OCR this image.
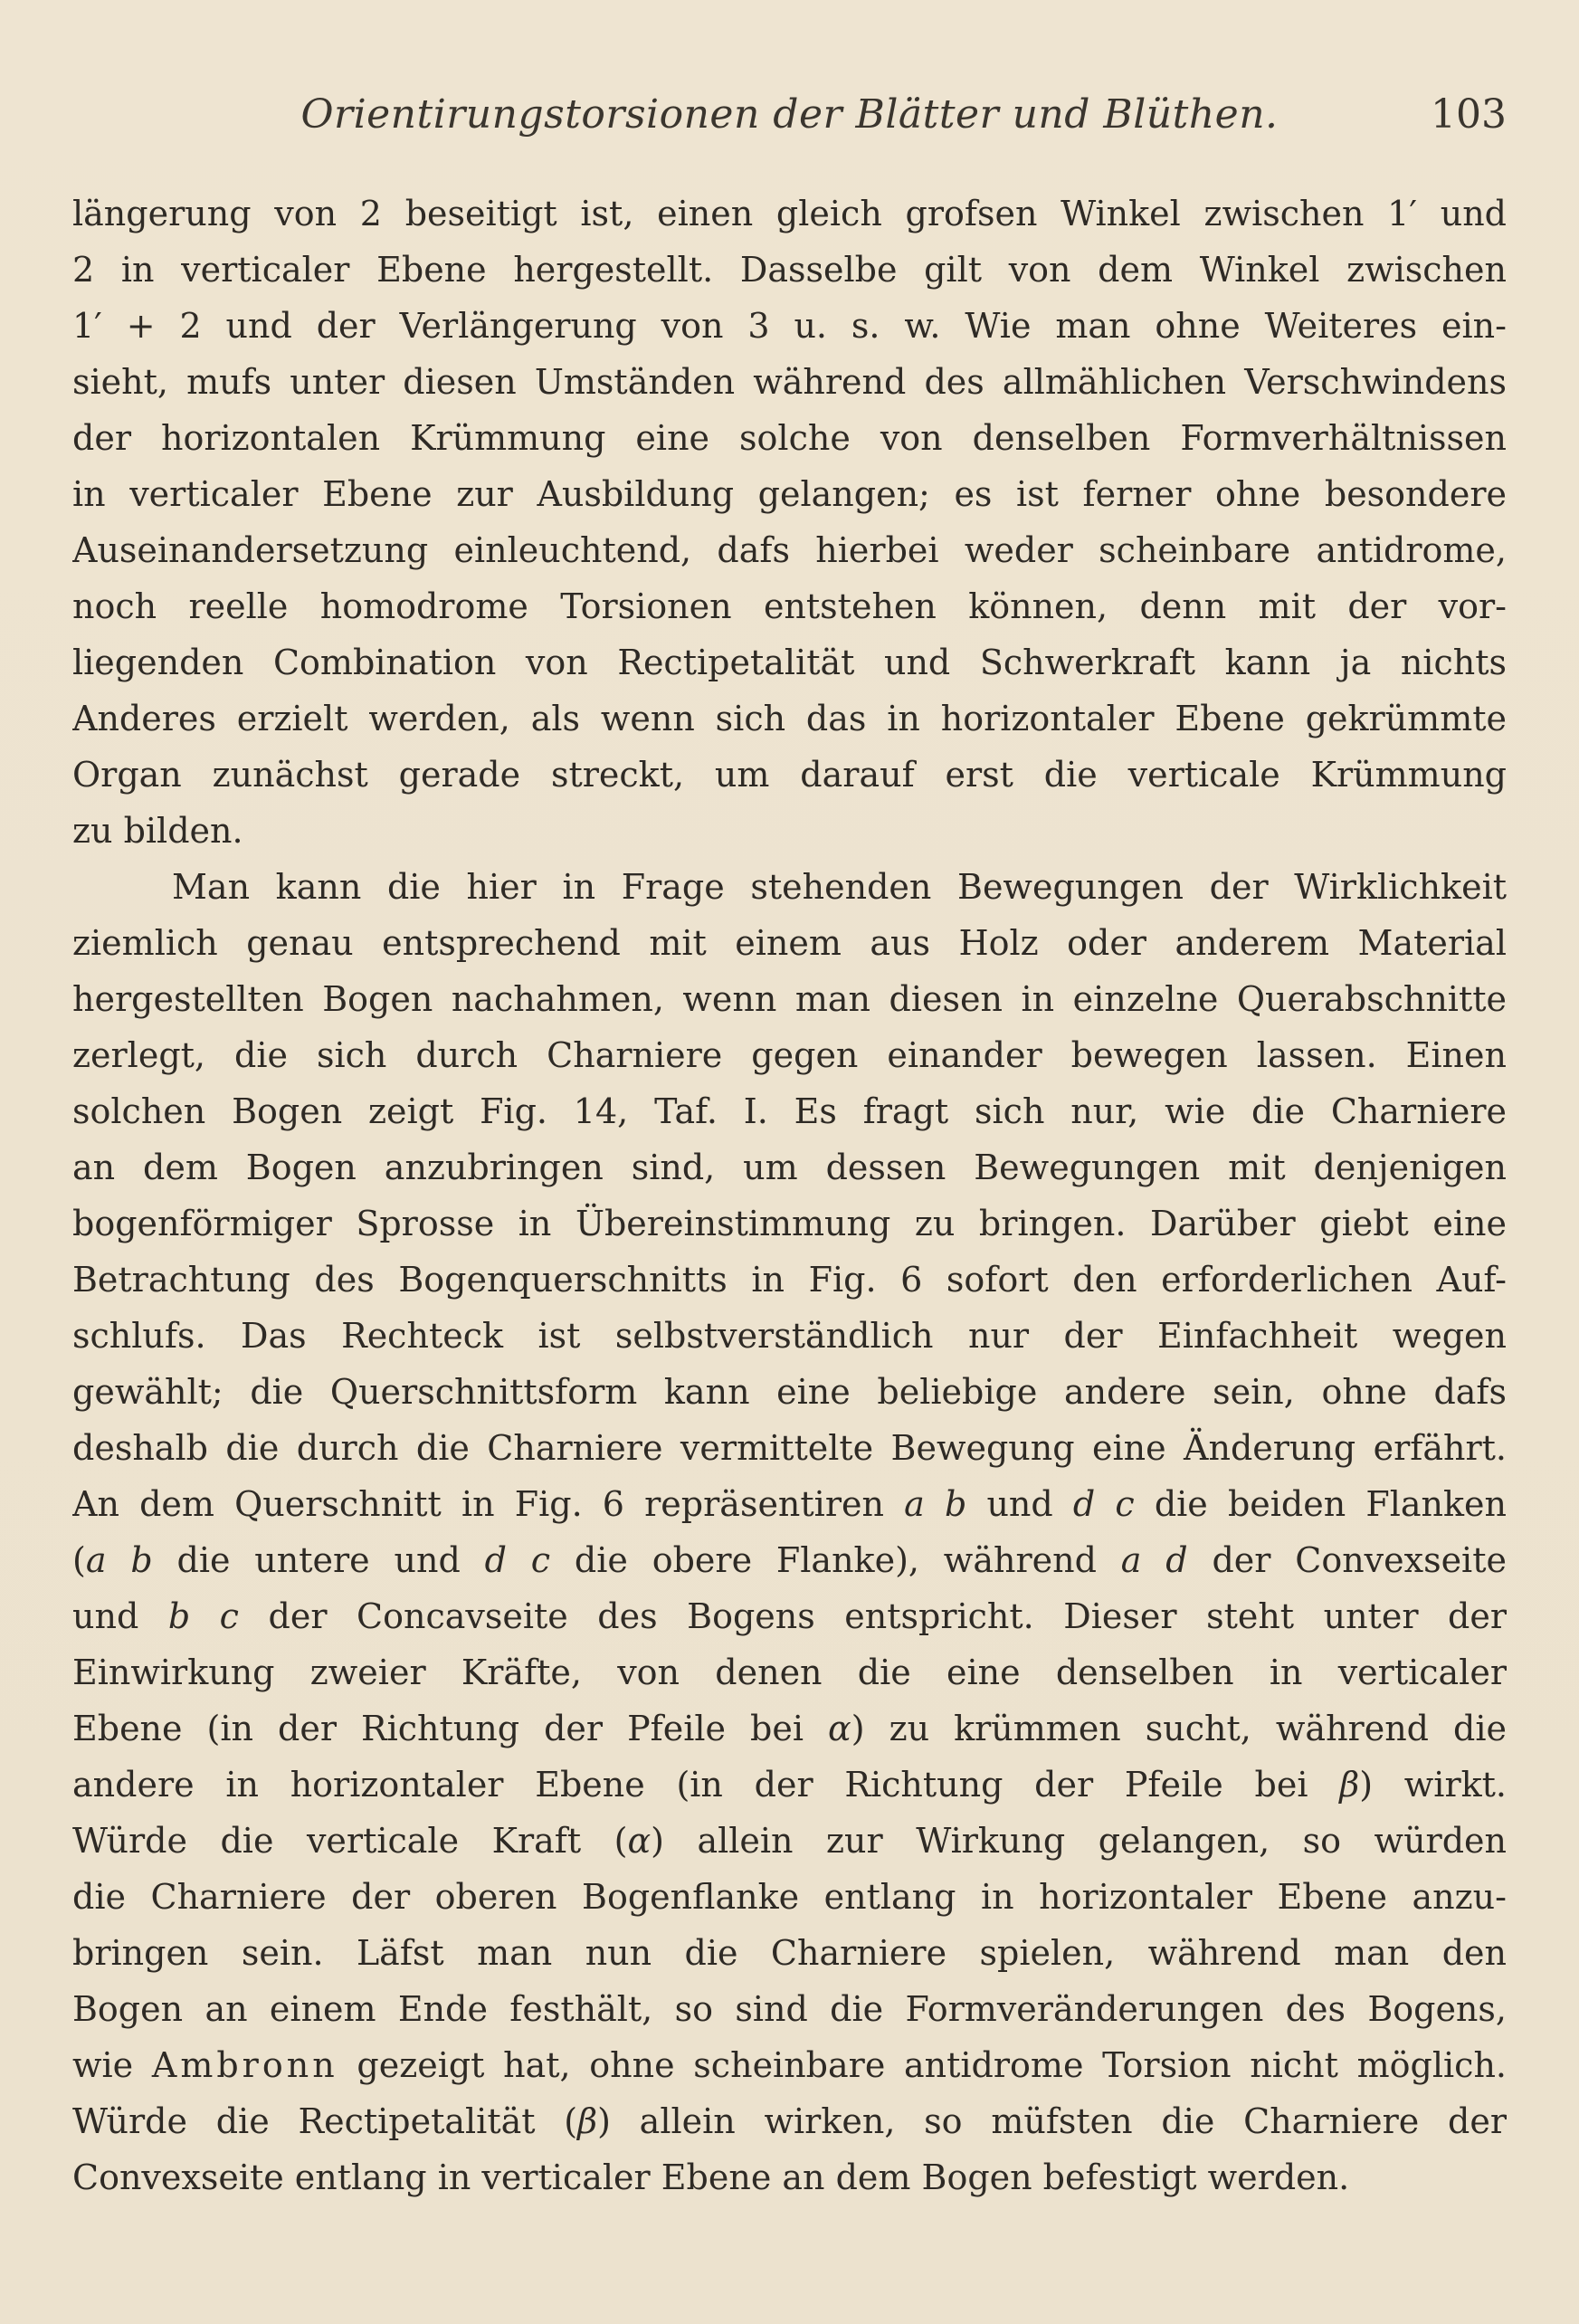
Orientirungstorsionen der Blätter und Blüthen.	103
längerung von 2 beseitigt ist, einen gleich grofsen Winkel zwischen 1′ und
2 in verticaler Ebene hergestellt. Dasselbe gilt von dem Winkel zwischen
1′ + 2 und der Verlängerung von 3 u. s. w. Wie man ohne Weiteres ein-
sieht, mufs unter diesen Umständen während des allmählichen Verschwindens
der horizontalen Krümmung eine solche von denselben Formverhältnissen
in verticaler Ebene zur Ausbildung gelangen; es ist ferner ohne besondere
Auseinandersetzung einleuchtend, dafs hierbei weder scheinbare antidrome,
noch reelle homodrome Torsionen entstehen können, denn mit der vor-
liegenden Combination von Rectipetalität und Schwerkraft kann ja nichts
Anderes erzielt werden, als wenn sich das in horizontaler Ebene gekrümmte
Organ zunächst gerade streckt, um darauf erst die verticale Krümmung
zu bilden.
Man kann die hier in Frage stehenden Bewegungen der Wirklichkeit
ziemlich genau entsprechend mit einem aus Holz oder anderem Material
hergestellten Bogen nachahmen, wenn man diesen in einzelne Querabschnitte
zerlegt, die sich durch Charniere gegen einander bewegen lassen. Einen
solchen Bogen zeigt Fig. 14, Taf. I. Es fragt sich nur, wie die Charniere
an dem Bogen anzubringen sind, um dessen Bewegungen mit denjenigen
bogenförmiger Sprosse in Übereinstimmung zu bringen. Darüber giebt eine
Betrachtung des Bogenquerschnitts in Fig. 6 sofort den erforderlichen Auf-
schlufs. Das Rechteck ist selbstverständlich nur der Einfachheit wegen
gewählt; die Querschnittsform kann eine beliebige andere sein, ohne dafs
deshalb die durch die Charniere vermittelte Bewegung eine Änderung erfährt.
An dem Querschnitt in Fig. 6 repräsentiren a b und d c die beiden Flanken
(a b die untere und d c die obere Flanke), während a d der Convexseite
und b c der Concavseite des Bogens entspricht. Dieser steht unter der
Einwirkung zweier Kräfte, von denen die eine denselben in verticaler
Ebene (in der Richtung der Pfeile bei α) zu krümmen sucht, während die
andere in horizontaler Ebene (in der Richtung der Pfeile bei β) wirkt.
Würde die verticale Kraft (α) allein zur Wirkung gelangen, so würden
die Charniere der oberen Bogenflanke entlang in horizontaler Ebene anzu-
bringen sein. Läfst man nun die Charniere spielen, während man den
Bogen an einem Ende festhält, so sind die Formveränderungen des Bogens,
wie Ambronn gezeigt hat, ohne scheinbare antidrome Torsion nicht möglich.
Würde die Rectipetalität (β) allein wirken, so müfsten die Charniere der
Convexseite entlang in verticaler Ebene an dem Bogen befestigt werden.
